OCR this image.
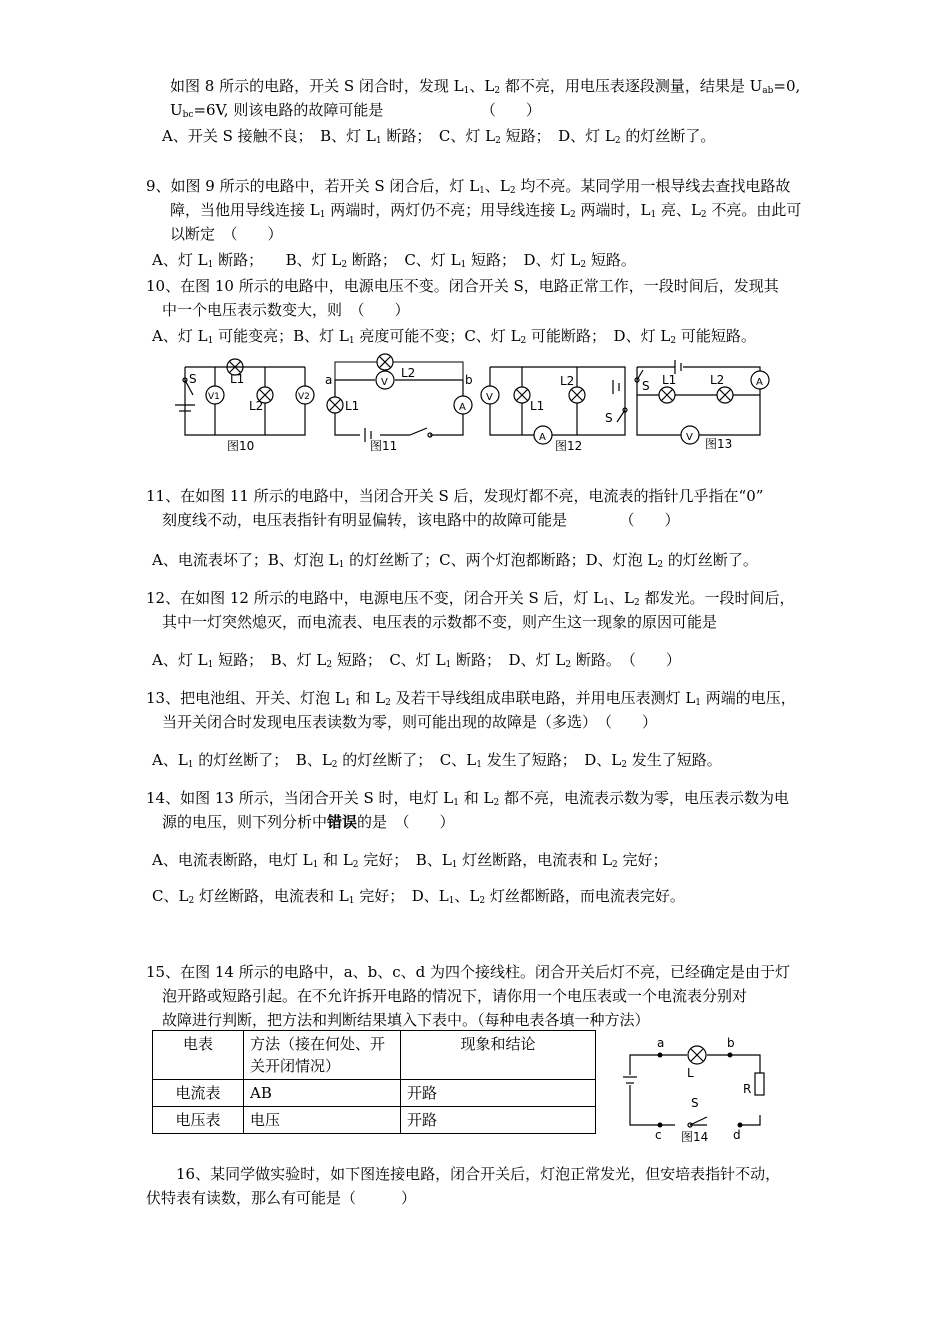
如图 8 所示的电路，开关 S 闭合时，发现 $L_1$、$L_2$ 都不亮，用电压表逐段测量，结果是 $U_{ab}=0$,
$U_{bc}=6V$, 则该电路的故障可能是　　　　　　　（　　）
A、开关 S 接触不良；　B、灯 $L_1$ 断路；　C、灯 $L_2$ 短路；　D、灯 $L_2$ 的灯丝断了。
9、如图 9 所示的电路中，若开关 S 闭合后，灯 $L_1$、$L_2$ 均不亮。某同学用一根导线去查找电路故
障，当他用导线连接 $L_1$ 两端时，两灯仍不亮；用导线连接 $L_2$ 两端时，$L_1$ 亮、$L_2$ 不亮。由此可
以断定　（　　）
A、灯 $L_1$ 断路；　　B、灯 $L_2$ 断路；　C、灯 $L_1$ 短路；　D、灯 $L_2$ 短路。
10、在图 10 所示的电路中，电源电压不变。闭合开关 S，电路正常工作，一段时间后，发现其
中一个电压表示数变大，则　（　　）
A、灯 $L_1$ 可能变亮；B、灯 $L_1$ 亮度可能不变；C、灯 $L_2$ 可能断路；　D、灯 $L_2$ 可能短路。
S	L1
V1
L2
V2
图10
a	b
L2
V
L1	A
图11
V
L1
L2
A
S
图12
S L1	L2	A
V 图13
11、在如图 11 所示的电路中，当闭合开关 S 后，发现灯都不亮，电流表的指针几乎指在“0”
刻度线不动，电压表指针有明显偏转，该电路中的故障可能是　　　　（　　）
A、电流表坏了；B、灯泡 $L_1$ 的灯丝断了；C、两个灯泡都断路；D、灯泡 $L_2$ 的灯丝断了。
12、在如图 12 所示的电路中，电源电压不变，闭合开关 S 后，灯 $L_1$、$L_2$ 都发光。一段时间后，
其中一灯突然熄灭，而电流表、电压表的示数都不变，则产生这一现象的原因可能是
A、灯 $L_1$ 短路；　B、灯 $L_2$ 短路；　C、灯 $L_1$ 断路；　D、灯 $L_2$ 断路。　（　　）
13、把电池组、开关、灯泡 $L_1$ 和 $L_2$ 及若干导线组成串联电路，并用电压表测灯 $L_1$ 两端的电压，
当开关闭合时发现电压表读数为零，则可能出现的故障是（多选）　（　　）
A、$L_1$ 的灯丝断了；　B、$L_2$ 的灯丝断了；　C、$L_1$ 发生了短路；　D、$L_2$ 发生了短路。
14、如图 13 所示，当闭合开关 S 时，电灯 $L_1$ 和 $L_2$ 都不亮，电流表示数为零，电压表示数为电
源的电压，则下列分析中错误的是　（　　）
A、电流表断路，电灯 $L_1$ 和 $L_2$ 完好；　B、$L_1$ 灯丝断路，电流表和 $L_2$ 完好；
C、$L_2$ 灯丝断路，电流表和 $L_1$ 完好；　D、$L_1$、$L_2$ 灯丝都断路，而电流表完好。
15、在图 14 所示的电路中，a、b、c、d 为四个接线柱。闭合开关后灯不亮，已经确定是由于灯
泡开路或短路引起。在不允许拆开电路的情况下，请你用一个电压表或一个电流表分别对
故障进行判断，把方法和判断结果填入下表中。（每种电表各填一种方法）
电表	方法（接在何处、开关开闭情况）	现象和结论
电流表	AB	开路
电压表	电压	开路
a	b
c	d
L
R
S
图14
16、某同学做实验时，如下图连接电路，闭合开关后，灯泡正常发光，但安培表指针不动，
伏特表有读数，那么有可能是（　　　）
